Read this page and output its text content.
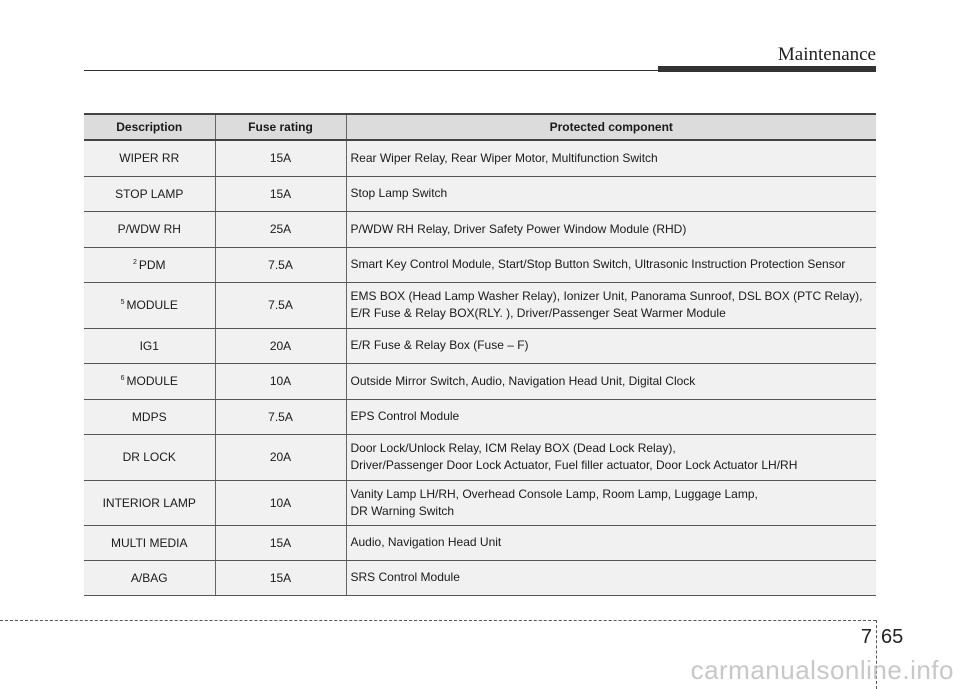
Maintenance
Description	Fuse rating	Protected component
WIPER RR	15A	Rear Wiper Relay, Rear Wiper Motor, Multifunction Switch

STOP LAMP	15A	Stop Lamp Switch

P/WDW RH	25A	P/WDW RH Relay, Driver Safety Power Window Module (RHD)

$^2$ PDM	7.5A	Smart Key Control Module, Start/Stop Button Switch, Ultrasonic Instruction Protection Sensor

$^5$ MODULE	7.5A	EMS BOX (Head Lamp Washer Relay), Ionizer Unit, Panorama Sunroof, DSL BOX (PTC Relay),
E/R Fuse & Relay BOX(RLY. ), Driver/Passenger Seat Warmer Module

IG1	20A	E/R Fuse & Relay Box (Fuse – F)

$^6$ MODULE	10A	Outside Mirror Switch, Audio, Navigation Head Unit, Digital Clock

MDPS	7.5A	EPS Control Module

DR LOCK	20A	Door Lock/Unlock Relay, ICM Relay BOX (Dead Lock Relay),
Driver/Passenger Door Lock Actuator, Fuel filler actuator, Door Lock Actuator LH/RH

INTERIOR LAMP	10A	Vanity Lamp LH/RH, Overhead Console Lamp, Room Lamp, Luggage Lamp,
DR Warning Switch

MULTI MEDIA	15A	Audio, Navigation Head Unit

A/BAG	15A	SRS Control Module
7 65
carmanualsonline.info
